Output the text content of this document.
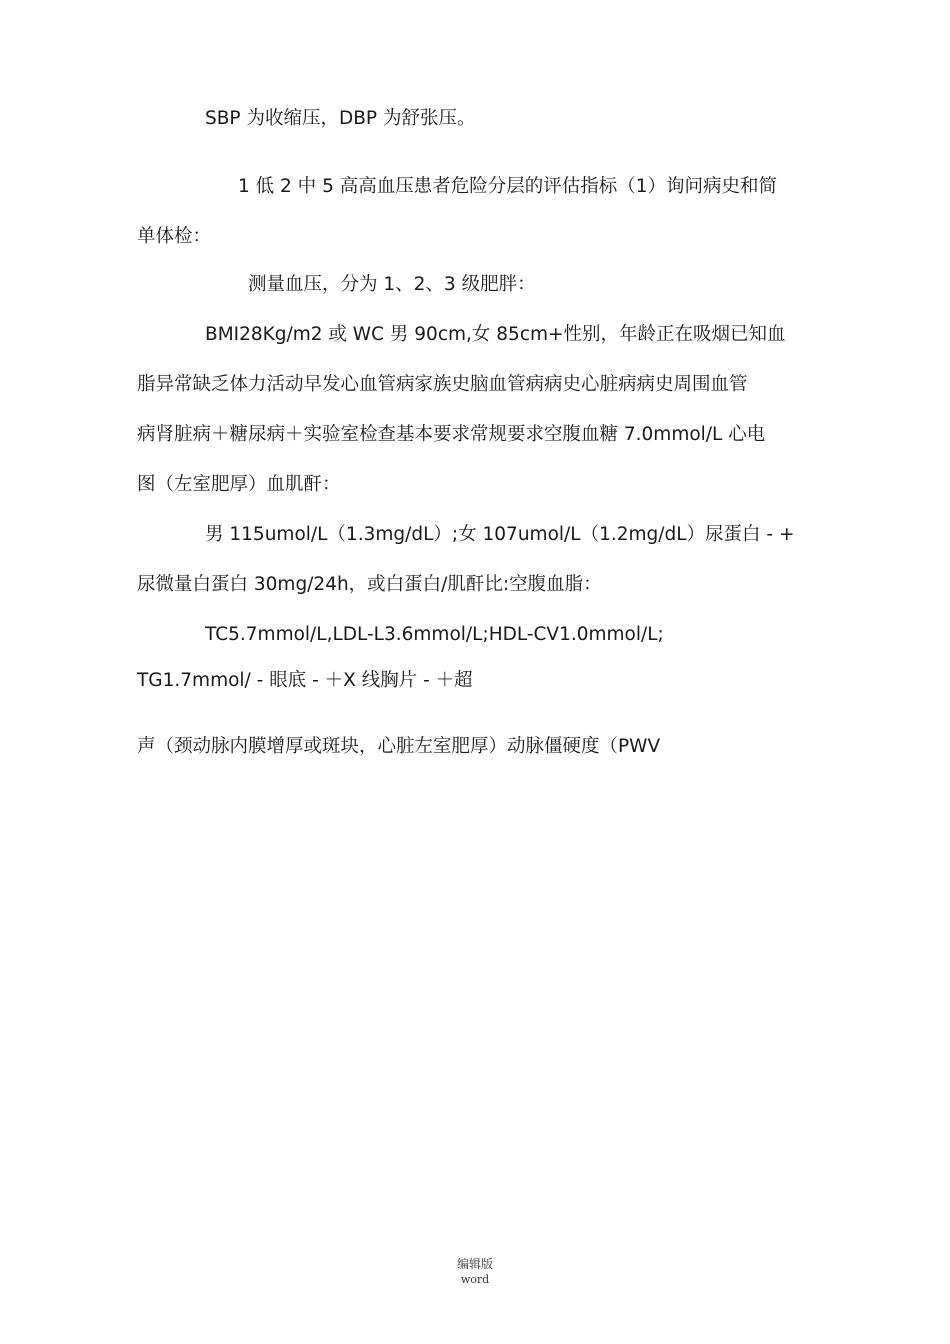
SBP 为收缩压，DBP 为舒张压。
1 低 2 中 5 高高血压患者危险分层的评估指标（1）询问病史和简
单体检：
测量血压，分为 1、2、3 级肥胖：
BMI28Kg/m2 或 WC 男 90cm,女 85cm+性别，年龄正在吸烟已知血
脂异常缺乏体力活动早发心血管病家族史脑血管病病史心脏病病史周围血管
病肾脏病＋糖尿病＋实验室检查基本要求常规要求空腹血糖 7.0mmol/L 心电
图（左室肥厚）血肌酐：
男 115umol/L（1.3mg/dL）;女 107umol/L（1.2mg/dL）尿蛋白 - +
尿微量白蛋白 30mg/24h，或白蛋白/肌酐比:空腹血脂：
TC5.7mmol/L,LDL-L3.6mmol/L;HDL-CV1.0mmol/L;
TG1.7mmol/ - 眼底 - ＋X 线胸片 - ＋超
声（颈动脉内膜增厚或斑块，心脏左室肥厚）动脉僵硬度（PWV
编辑版
word
